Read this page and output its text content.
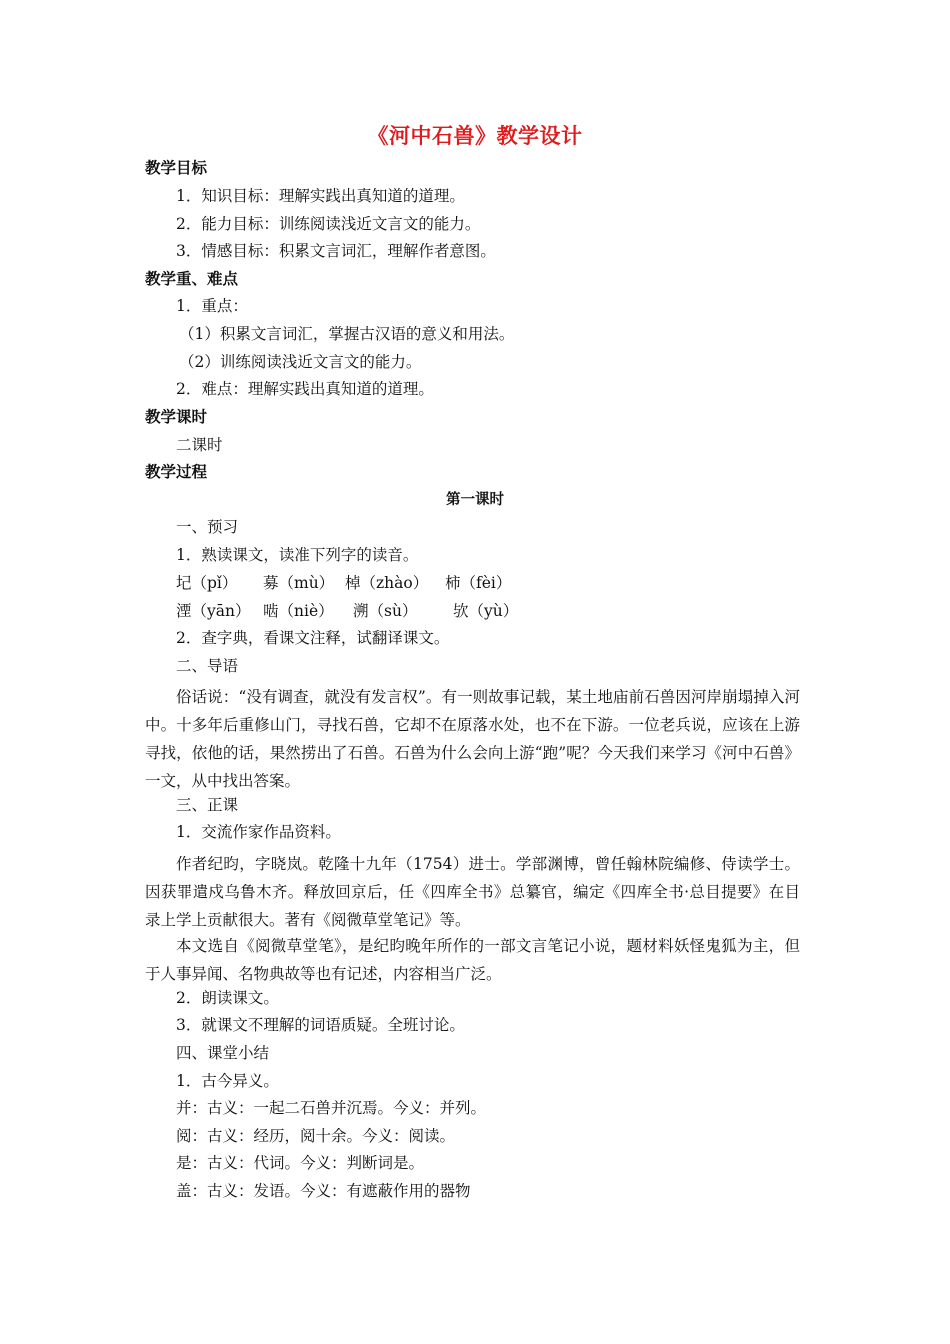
《河中石兽》教学设计
教学目标
1．知识目标：理解实践出真知道的道理。
2．能力目标：训练阅读浅近文言文的能力。
3．情感目标：积累文言词汇，理解作者意图。
教学重、难点
1．重点：
（1）积累文言词汇，掌握古汉语的意义和用法。
（2）训练阅读浅近文言文的能力。
2．难点：理解实践出真知道的道理。
教学课时
二课时
教学过程
第一课时
一、预习
1．熟读课文，读准下列字的读音。
圮（pǐ） 募（mù） 棹（zhào） 柿（fèi）
湮（yān） 啮（niè） 溯（sù） 欤（yù）
2．查字典，看课文注释，试翻译课文。
二、导语
俗话说：“没有调查，就没有发言权”。有一则故事记载，某土地庙前石兽因河岸崩塌掉入河中。十多年后重修山门，寻找石兽，它却不在原落水处，也不在下游。一位老兵说，应该在上游寻找，依他的话，果然捞出了石兽。石兽为什么会向上游“跑”呢？今天我们来学习《河中石兽》一文，从中找出答案。
三、正课
1．交流作家作品资料。
作者纪昀，字晓岚。乾隆十九年（1754）进士。学部渊博，曾任翰林院编修、侍读学士。因获罪遣戍乌鲁木齐。释放回京后，任《四库全书》总纂官，编定《四库全书·总目提要》在目录上学上贡献很大。著有《阅微草堂笔记》等。
本文选自《阅微草堂笔》，是纪昀晚年所作的一部文言笔记小说，题材料妖怪鬼狐为主，但于人事异闻、名物典故等也有记述，内容相当广泛。
2．朗读课文。
3．就课文不理解的词语质疑。全班讨论。
四、课堂小结
1．古今异义。
并：古义：一起二石兽并沉焉。今义：并列。
阅：古义：经历，阅十余。今义：阅读。
是：古义：代词。今义：判断词是。
盖：古义：发语。今义：有遮蔽作用的器物
